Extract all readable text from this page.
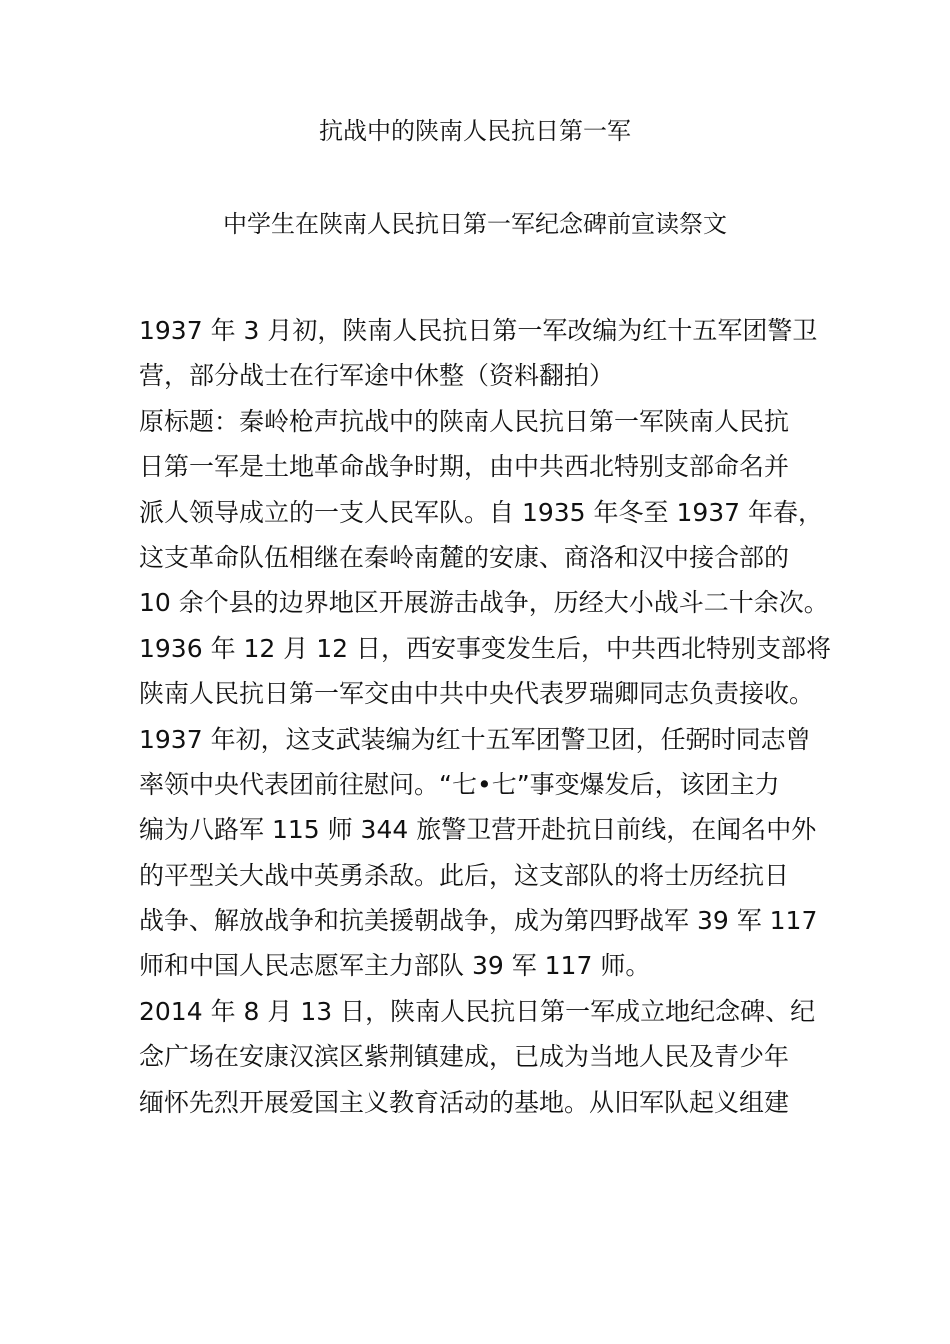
抗战中的陕南人民抗日第一军
中学生在陕南人民抗日第一军纪念碑前宣读祭文
1937 年 3 月初，陕南人民抗日第一军改编为红十五军团警卫
营，部分战士在行军途中休整（资料翻拍）
原标题：秦岭枪声抗战中的陕南人民抗日第一军陕南人民抗
日第一军是土地革命战争时期，由中共西北特别支部命名并
派人领导成立的一支人民军队。自 1935 年冬至 1937 年春，
这支革命队伍相继在秦岭南麓的安康、商洛和汉中接合部的
10 余个县的边界地区开展游击战争，历经大小战斗二十余次。
1936 年 12 月 12 日，西安事变发生后，中共西北特别支部将
陕南人民抗日第一军交由中共中央代表罗瑞卿同志负责接收。
1937 年初，这支武装编为红十五军团警卫团，任弼时同志曾
率领中央代表团前往慰问。“七•七”事变爆发后，该团主力
编为八路军 115 师 344 旅警卫营开赴抗日前线，在闻名中外
的平型关大战中英勇杀敌。此后，这支部队的将士历经抗日
战争、解放战争和抗美援朝战争，成为第四野战军 39 军 117
师和中国人民志愿军主力部队 39 军 117 师。
2014 年 8 月 13 日，陕南人民抗日第一军成立地纪念碑、纪
念广场在安康汉滨区紫荆镇建成，已成为当地人民及青少年
缅怀先烈开展爱国主义教育活动的基地。从旧军队起义组建
